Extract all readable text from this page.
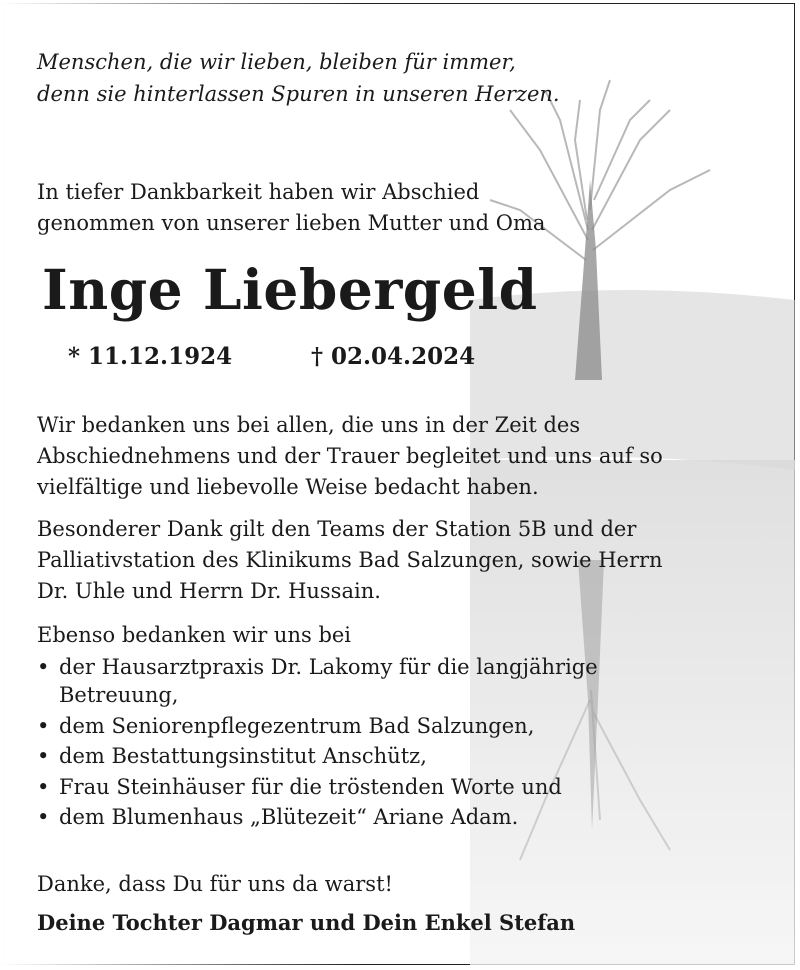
Menschen, die wir lieben, bleiben für immer,
denn sie hinterlassen Spuren in unseren Herzen.
In tiefer Dankbarkeit haben wir Abschied
genommen von unserer lieben Mutter und Oma
Inge Liebergeld
* 11.12.1924	† 02.04.2024
Wir bedanken uns bei allen, die uns in der Zeit des
Abschiednehmens und der Trauer begleitet und uns auf so
vielfältige und liebevolle Weise bedacht haben.
Besonderer Dank gilt den Teams der Station 5B und der
Palliativstation des Klinikums Bad Salzungen, sowie Herrn
Dr. Uhle und Herrn Dr. Hussain.
Ebenso bedanken wir uns bei
• der Hausarztpraxis Dr. Lakomy für die langjährige
Betreuung,
• dem Seniorenpflegezentrum Bad Salzungen,
• dem Bestattungsinstitut Anschütz,
• Frau Steinhäuser für die tröstenden Worte und
• dem Blumenhaus „Blütezeit“ Ariane Adam.
Danke, dass Du für uns da warst!
Deine Tochter Dagmar und Dein Enkel Stefan
